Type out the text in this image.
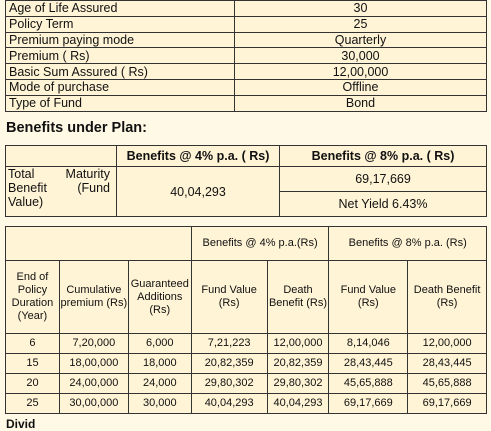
Age of Life Assured	30
Policy Term	25
Premium paying mode	Quarterly
Premium ( Rs)	30,000
Basic Sum Assured ( Rs)	12,00,000
Mode of purchase	Offline
Type of Fund	Bond
Benefits under Plan:
	Benefits @ 4% p.a. ( Rs)	Benefits @ 8% p.a. ( Rs)

Total Maturity
Benefit (Fund
Value)	40,04,293	69,17,669
		Net Yield 6.43%
			Benefits @ 4% p.a.(Rs)		Benefits @ 8% p.a. (Rs)	
End of Policy Duration (Year)	Cumulative premium (Rs)	Guaranteed Additions (Rs)	Fund Value (Rs)	Death Benefit (Rs)	Fund Value (Rs)	Death Benefit (Rs)
6	7,20,000	6,000	7,21,223	12,00,000	8,14,046	12,00,000
15	18,00,000	18,000	20,82,359	20,82,359	28,43,445	28,43,445
20	24,00,000	24,000	29,80,302	29,80,302	45,65,888	45,65,888
25	30,00,000	30,000	40,04,293	40,04,293	69,17,669	69,17,669
Divid
